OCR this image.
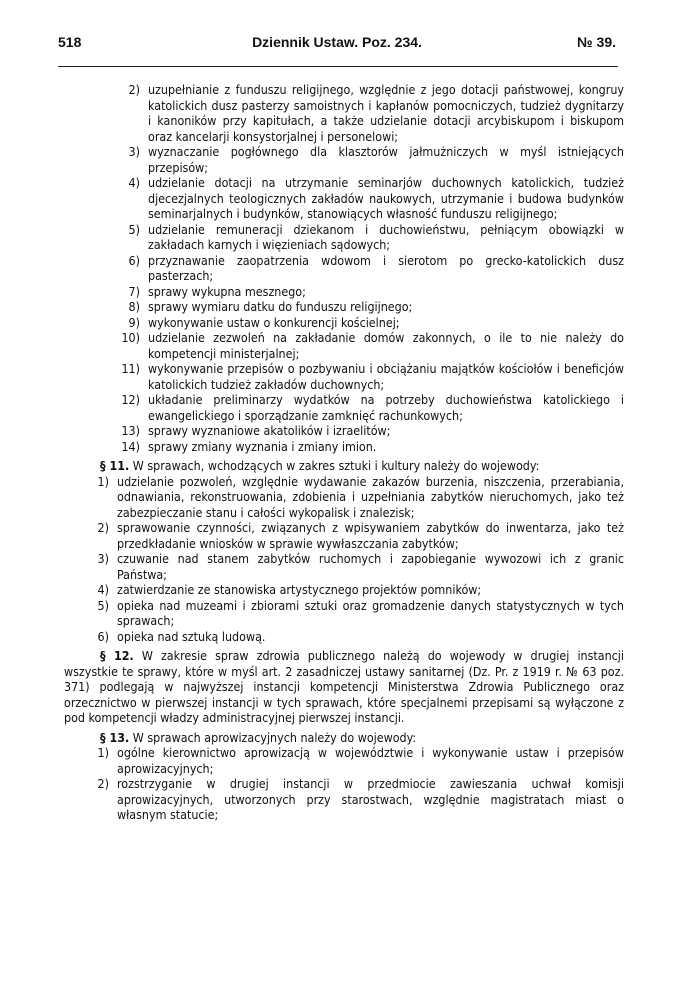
518	Dziennik Ustaw. Poz. 234.	№ 39.
2) uzupełnianie z funduszu religijnego, względnie z jego dotacji państwowej, kongruy katolickich dusz pasterzy samoistnych i kapłanów pomocniczych, tudzież dygnitarzy i kanoników przy kapitułach, a także udzielanie dotacji arcybiskupom i biskupom oraz kancelarji konsystorjalnej i personelowi;
3) wyznaczanie pogłównego dla klasztorów jałmużniczych w myśl istniejących przepisów;
4) udzielanie dotacji na utrzymanie seminarjów duchownych katolickich, tudzież djecezjalnych teologicznych zakładów naukowych, utrzymanie i budowa budynków seminarjalnych i budynków, stanowiących własność funduszu religijnego;
5) udzielanie remuneracji dziekanom i duchowieństwu, pełniącym obowiązki w zakładach karnych i więzieniach sądowych;
6) przyznawanie zaopatrzenia wdowom i sierotom po grecko-katolickich dusz pasterzach;
7) sprawy wykupna mesznego;
8) sprawy wymiaru datku do funduszu religijnego;
9) wykonywanie ustaw o konkurencji kościelnej;
10) udzielanie zezwoleń na zakładanie domów zakonnych, o ile to nie należy do kompetencji ministerjalnej;
11) wykonywanie przepisów o pozbywaniu i obciążaniu majątków kościołów i beneficjów katolickich tudzież zakładów duchownych;
12) układanie preliminarzy wydatków na potrzeby duchowieństwa katolickiego i ewangelickiego i sporządzanie zamknięć rachunkowych;
13) sprawy wyznaniowe akatolików i izraelitów;
14) sprawy zmiany wyznania i zmiany imion.
§ 11. W sprawach, wchodzących w zakres sztuki i kultury należy do wojewody:
1) udzielanie pozwoleń, względnie wydawanie zakazów burzenia, niszczenia, przerabiania, odnawiania, rekonstruowania, zdobienia i uzpełniania zabytków nieruchomych, jako też zabezpieczanie stanu i całości wykopalisk i znalezisk;
2) sprawowanie czynności, związanych z wpisywaniem zabytków do inwentarza, jako też przedkładanie wniosków w sprawie wywłaszczania zabytków;
3) czuwanie nad stanem zabytków ruchomych i zapobieganie wywozowi ich z granic Państwa;
4) zatwierdzanie ze stanowiska artystycznego projektów pomników;
5) opieka nad muzeami i zbiorami sztuki oraz gromadzenie danych statystycznych w tych sprawach;
6) opieka nad sztuką ludową.
§ 12. W zakresie spraw zdrowia publicznego należą do wojewody w drugiej instancji wszystkie te sprawy, które w myśl art. 2 zasadniczej ustawy sanitarnej (Dz. Pr. z 1919 r. № 63 poz. 371) podlegają w najwyższej instancji kompetencji Ministerstwa Zdrowia Publicznego oraz orzecznictwo w pierwszej instancji w tych sprawach, które specjalnemi przepisami są wyłączone z pod kompetencji władzy administracyjnej pierwszej instancji.
§ 13. W sprawach aprowizacyjnych należy do wojewody:
1) ogólne kierownictwo aprowizacją w województwie i wykonywanie ustaw i przepisów aprowizacyjnych;
2) rozstrzyganie w drugiej instancji w przedmiocie zawieszania uchwał komisji aprowizacyjnych, utworzonych przy starostwach, względnie magistratach miast o własnym statucie;
